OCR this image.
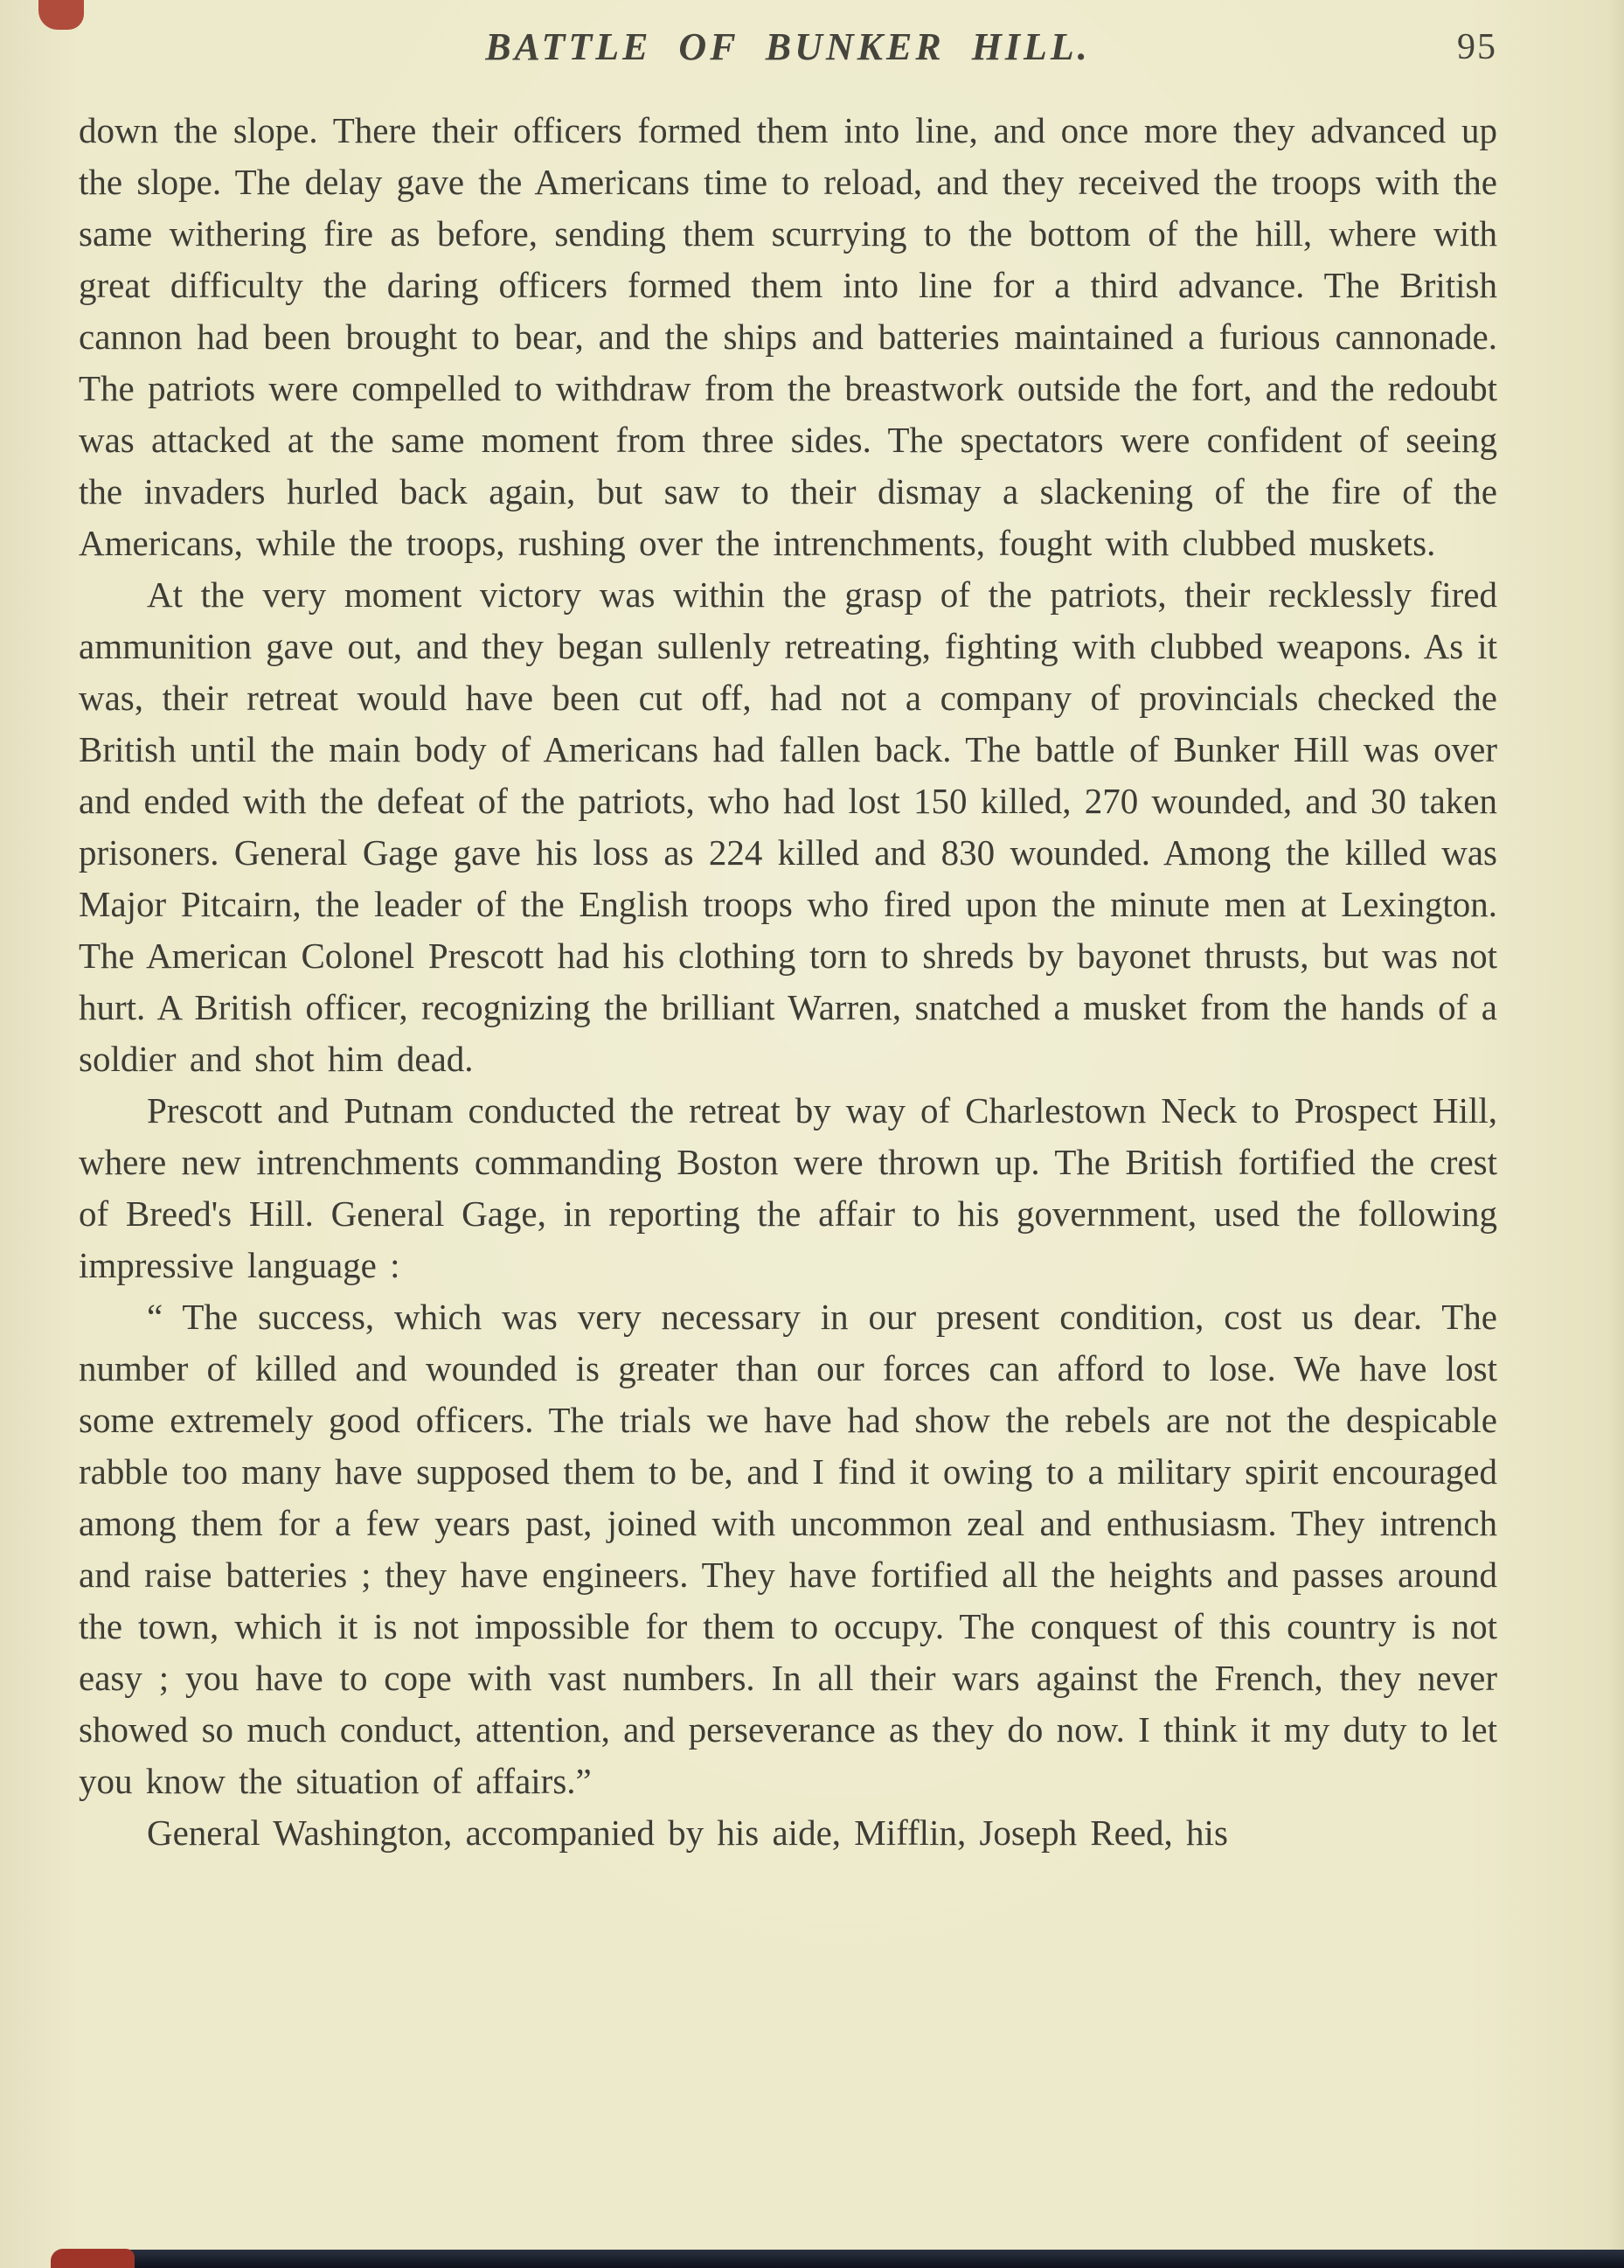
BATTLE OF BUNKER HILL.	95

down the slope. There their officers formed them into line, and once more they advanced up the slope. The delay gave the Americans time to reload, and they received the troops with the same withering fire as before, sending them scurrying to the bottom of the hill, where with great difficulty the daring officers formed them into line for a third advance. The British cannon had been brought to bear, and the ships and batteries maintained a furious cannonade. The patriots were compelled to withdraw from the breastwork outside the fort, and the redoubt was attacked at the same moment from three sides. The spectators were confident of seeing the invaders hurled back again, but saw to their dismay a slackening of the fire of the Americans, while the troops, rushing over the intrenchments, fought with clubbed muskets.

At the very moment victory was within the grasp of the patriots, their recklessly fired ammunition gave out, and they began sullenly retreating, fighting with clubbed weapons. As it was, their retreat would have been cut off, had not a company of provincials checked the British until the main body of Americans had fallen back. The battle of Bunker Hill was over and ended with the defeat of the patriots, who had lost 150 killed, 270 wounded, and 30 taken prisoners. General Gage gave his loss as 224 killed and 830 wounded. Among the killed was Major Pitcairn, the leader of the English troops who fired upon the minute men at Lexington. The American Colonel Prescott had his clothing torn to shreds by bayonet thrusts, but was not hurt. A British officer, recognizing the brilliant Warren, snatched a musket from the hands of a soldier and shot him dead.

Prescott and Putnam conducted the retreat by way of Charlestown Neck to Prospect Hill, where new intrenchments commanding Boston were thrown up. The British fortified the crest of Breed's Hill. General Gage, in reporting the affair to his government, used the following impressive language :

“ The success, which was very necessary in our present condition, cost us dear. The number of killed and wounded is greater than our forces can afford to lose. We have lost some extremely good officers. The trials we have had show the rebels are not the despicable rabble too many have supposed them to be, and I find it owing to a military spirit encouraged among them for a few years past, joined with uncommon zeal and enthusiasm. They intrench and raise batteries ; they have engineers. They have fortified all the heights and passes around the town, which it is not impossible for them to occupy. The conquest of this country is not easy ; you have to cope with vast numbers. In all their wars against the French, they never showed so much conduct, attention, and perseverance as they do now. I think it my duty to let you know the situation of affairs.”

General Washington, accompanied by his aide, Mifflin, Joseph Reed, his
